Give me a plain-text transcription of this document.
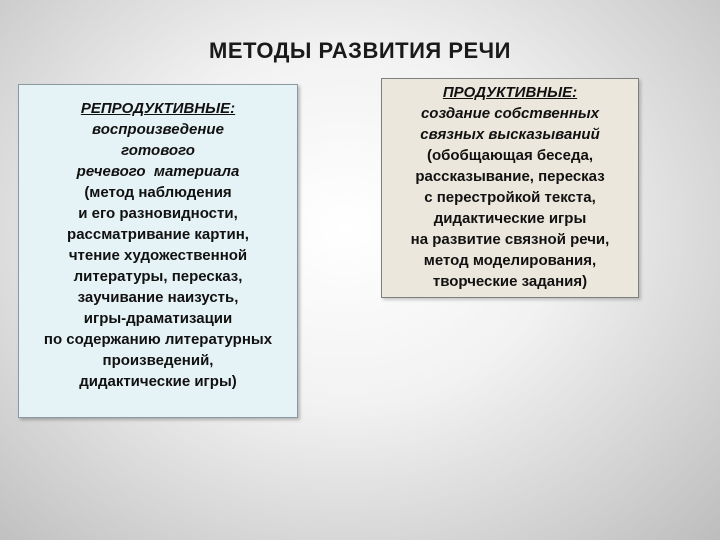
МЕТОДЫ РАЗВИТИЯ РЕЧИ
РЕПРОДУКТИВНЫЕ:
воспроизведение
готового
речевого  материала
(метод наблюдения
и его разновидности,
рассматривание картин,
чтение художественной
литературы, пересказ,
заучивание наизусть,
игры-драматизации
по содержанию литературных
произведений,
дидактические игры)
ПРОДУКТИВНЫЕ:
создание собственных
связных высказываний
(обобщающая беседа,
рассказывание, пересказ
с перестройкой текста,
дидактические игры
на развитие связной речи,
метод моделирования,
творческие задания)
